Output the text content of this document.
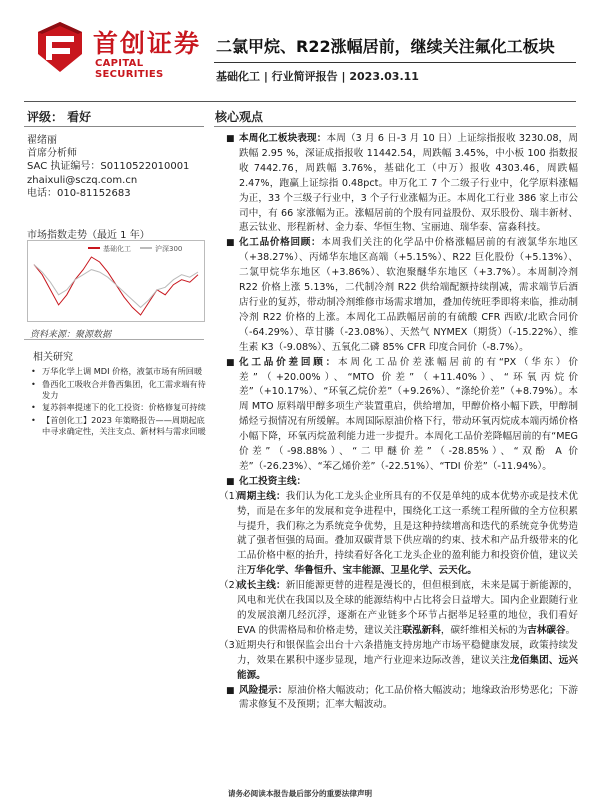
首创证券
CAPITAL SECURITIES
二氯甲烷、R22涨幅居前，继续关注氟化工板块
基础化工 | 行业简评报告 | 2023.03.11
评级： 看好	核心观点
翟绪丽
首席分析师
SAC 执证编号：S0110522010001
zhaixuli@sczq.com.cn
电话：010-81152683
市场指数走势（最近 1 年）
基础化工	沪深300
资料来源：聚源数据
相关研究
• 万华化学上调 MDI 价格，液氯市场有所回暖
• 鲁西化工吸收合并鲁西集团，化工需求端有待发力
• 复苏斜率提速下的化工投资：价格修复可持续
• 【首创化工】2023 年策略报告——周期起底中寻求确定性，关注支点、新材料与需求回暖
■ 本周化工板块表现：本周（3 月 6 日-3 月 10 日）上证综指报收 3230.08，周跌幅 2.95 %，深证成指报收 11442.54，周跌幅 3.45%，中小板 100 指数报收 7442.76，周跌幅 3.76%，基础化工（中万）报收 4303.46，周跌幅 2.47%，跑赢上证综指 0.48pct。申万化工 7 个二级子行业中，化学原料涨幅为正，33 个三级子行业中，3 个子行业涨幅为正。本周化工行业 386 家上市公司中，有 66 家涨幅为正。涨幅居前的个股有同益股份、双乐股份、瑞丰新材、惠云钛业、形程新材、金力泰、华恒生物、宝丽迪、瑞华泰、富淼科技。
■ 化工品价格回顾：本周我们关注的化学品中价格涨幅居前的有液氯华东地区（+38.27%）、丙烯华东地区高端（+5.15%）、R22 巨化股份（+5.13%）、二氯甲烷华东地区（+3.86%）、软泡聚醚华东地区（+3.7%）。本周制冷剂 R22 价格上涨 5.13%，二代制冷剂 R22 供给端配额持续削减，需求端节后酒店行业的复苏，带动制冷剂维修市场需求增加，叠加传统旺季即将来临，推动制冷剂 R22 价格的上涨。本周化工品跌幅居前的有硫酸 CFR 西欧/北欧合同价（-64.29%）、草甘膦（-23.08%）、天然气 NYMEX（期货）（-15.22%）、维生素 K3（-9.08%）、五氧化二磷 85% CFR 印度合同价（-8.7%）。
■ 化工品价差回顾：本周化工品价差涨幅居前的有“PX（华东）价差”（+20.00%）、“MTO 价差”（+11.40%）、“环氧丙烷价差”（+10.17%）、“环氧乙烷价差”（+9.26%）、“涤纶价差”（+8.79%）。本周 MTO 原料端甲醇多项生产装置重启，供给增加，甲醇价格小幅下跌，甲醇制烯烃亏损情况有所缓解。本周国际原油价格下行，带动环氧丙烷成本端丙烯价格小幅下降，环氧丙烷盈利能力进一步提升。本周化工品价差降幅居前的有“MEG 价差”（-98.88%）、“二甲醚价差”（-28.85%）、“双酚 A 价差”（-26.23%）、“苯乙烯价差”（-22.51%）、“TDI 价差”（-11.94%）。
■ 化工投资主线：
（1）
周期主线：我们认为化工龙头企业所具有的不仅是单纯的成本优势亦或是技术优势，而是在多年的发展和竞争进程中，围绕化工这一系统工程所做的全方位积累与提升，我们称之为系统竞争优势，且是这种持续增高和迭代的系统竞争优势造就了强者恒强的局面。叠加双碳背景下供应端的约束、技术和产品升级带来的化工品价格中枢的抬升，持续看好各化工龙头企业的盈利能力和投资价值，建议关注万华化学、华鲁恒升、宝丰能源、卫星化学、云天化。
（2）
成长主线：新旧能源更替的进程是漫长的，但但根到底，未来是属于新能源的，风电和光伏在我国以及全球的能源结构中占比将会日益增大。国内企业跟随行业的发展浪潮几经沉浮，逐渐在产业链多个环节占据举足轻重的地位，我们看好 EVA 的供需格局和价格走势，建议关注联泓新科，碳纤维相关标的为吉林碳谷。
（3）
近期央行和银保监会出台十六条措施支持房地产市场平稳健康发展，政策持续发力，效果在累积中逐步显现，地产行业迎来边际改善，建议关注龙佰集团、远兴能源。
■ 风险提示：原油价格大幅波动；化工品价格大幅波动；地缘政治形势恶化；下游需求修复不及预期；汇率大幅波动。
请务必阅读本报告最后部分的重要法律声明
